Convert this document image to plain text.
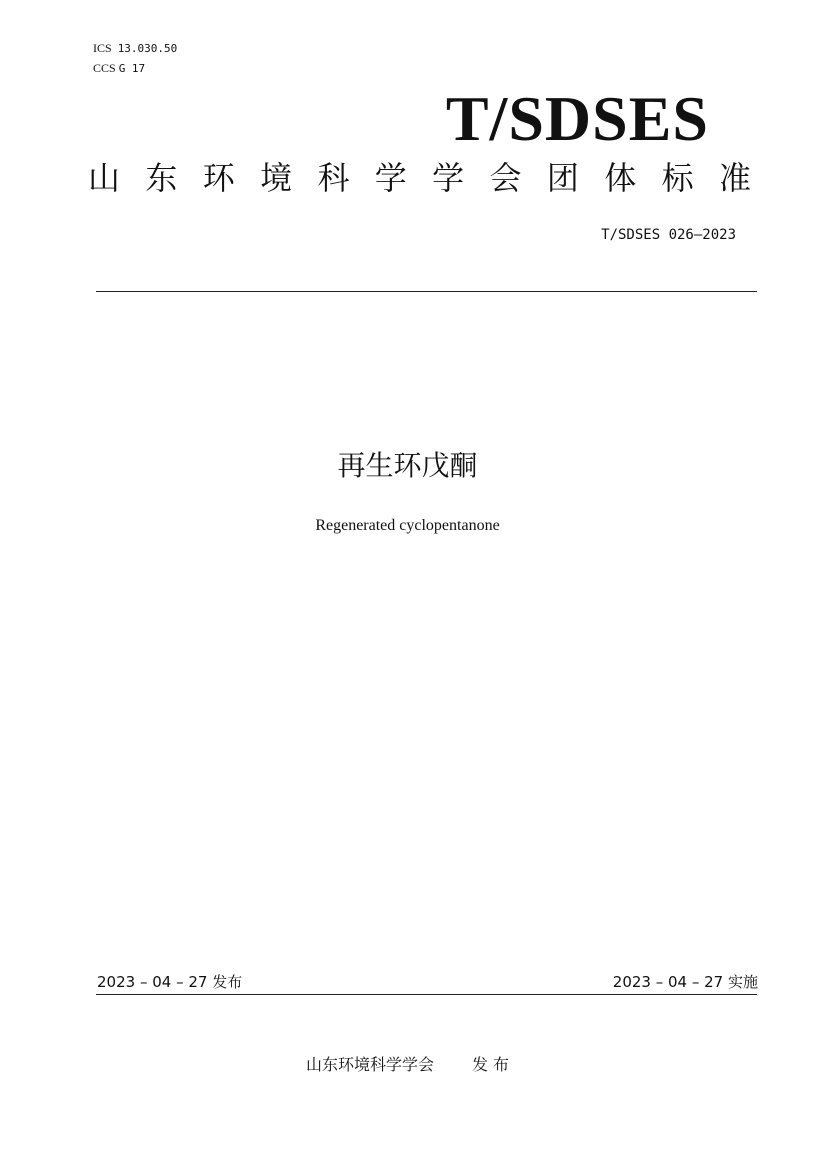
ICS 13.030.50
CCS G 17
T/SDSES
山 东 环 境 科 学 学 会 团 体 标 准
T/SDSES 026—2023
再生环戊酮
Regenerated cyclopentanone
2023 – 04 – 27 发布	2023 – 04 – 27 实施
山东环境科学学会 发 布
